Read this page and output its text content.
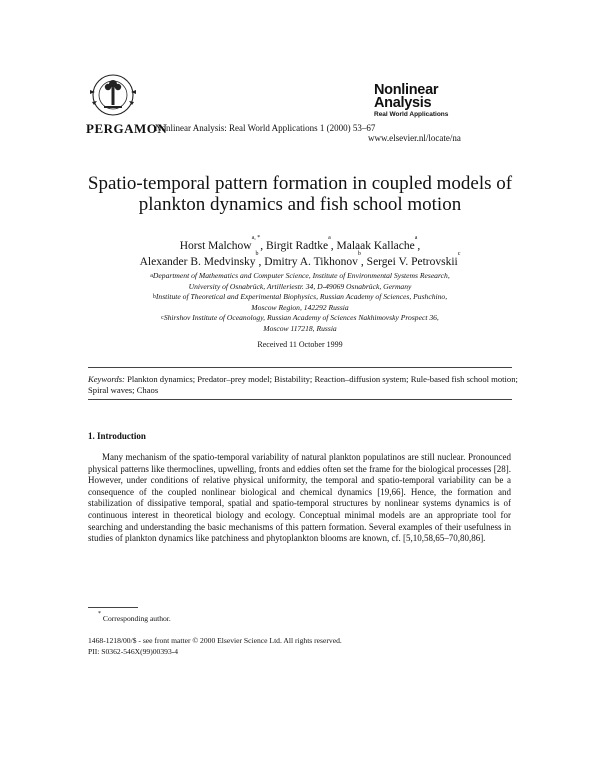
PERGAMON
Nonlinear Analysis: Real World Applications 1 (2000) 53–67
Nonlinear
Analysis
Real World Applications
www.elsevier.nl/locate/na
Spatio-temporal pattern formation in coupled models of plankton dynamics and fish school motion
Horst Malchow$^{a, *}$, Birgit Radtke$^a$, Malaak Kallache$^a$,
Alexander B. Medvinsky$^b$, Dmitry A. Tikhonov$^b$, Sergei V. Petrovskii$^c$
$^a$Department of Mathematics and Computer Science, Institute of Environmental Systems Research,
University of Osnabrück, Artilleriestr. 34, D-49069 Osnabrück, Germany
$^b$Institute of Theoretical and Experimental Biophysics, Russian Academy of Sciences, Pushchino,
Moscow Region, 142292 Russia
$^c$Shirshov Institute of Oceanology, Russian Academy of Sciences Nakhimovsky Prospect 36,
Moscow 117218, Russia
Received 11 October 1999
Keywords: Plankton dynamics; Predator–prey model; Bistability; Reaction–diffusion system; Rule-based fish school motion; Spiral waves; Chaos
1. Introduction

Many mechanism of the spatio-temporal variability of natural plankton populatinos are still nuclear. Pronounced physical patterns like thermoclines, upwelling, fronts and eddies often set the frame for the biological processes [28]. However, under conditions of relative physical uniformity, the temporal and spatio-temporal variability can be a consequence of the coupled nonlinear biological and chemical dynamics [19,66]. Hence, the formation and stabilization of dissipative temporal, spatial and spatio-temporal structures by nonlinear systems dynamics is of continuous interest in theoretical biology and ecology. Conceptual minimal models are an appropriate tool for searching and understanding the basic mechanisms of this pattern formation. Several examples of their usefulness in studies of plankton dynamics like patchiness and phytoplankton blooms are known, cf. [5,10,58,65–70,80,86].

* Corresponding author.
1468-1218/00/$ - see front matter © 2000 Elsevier Science Ltd. All rights reserved.
PII: S0362-546X(99)00393-4
